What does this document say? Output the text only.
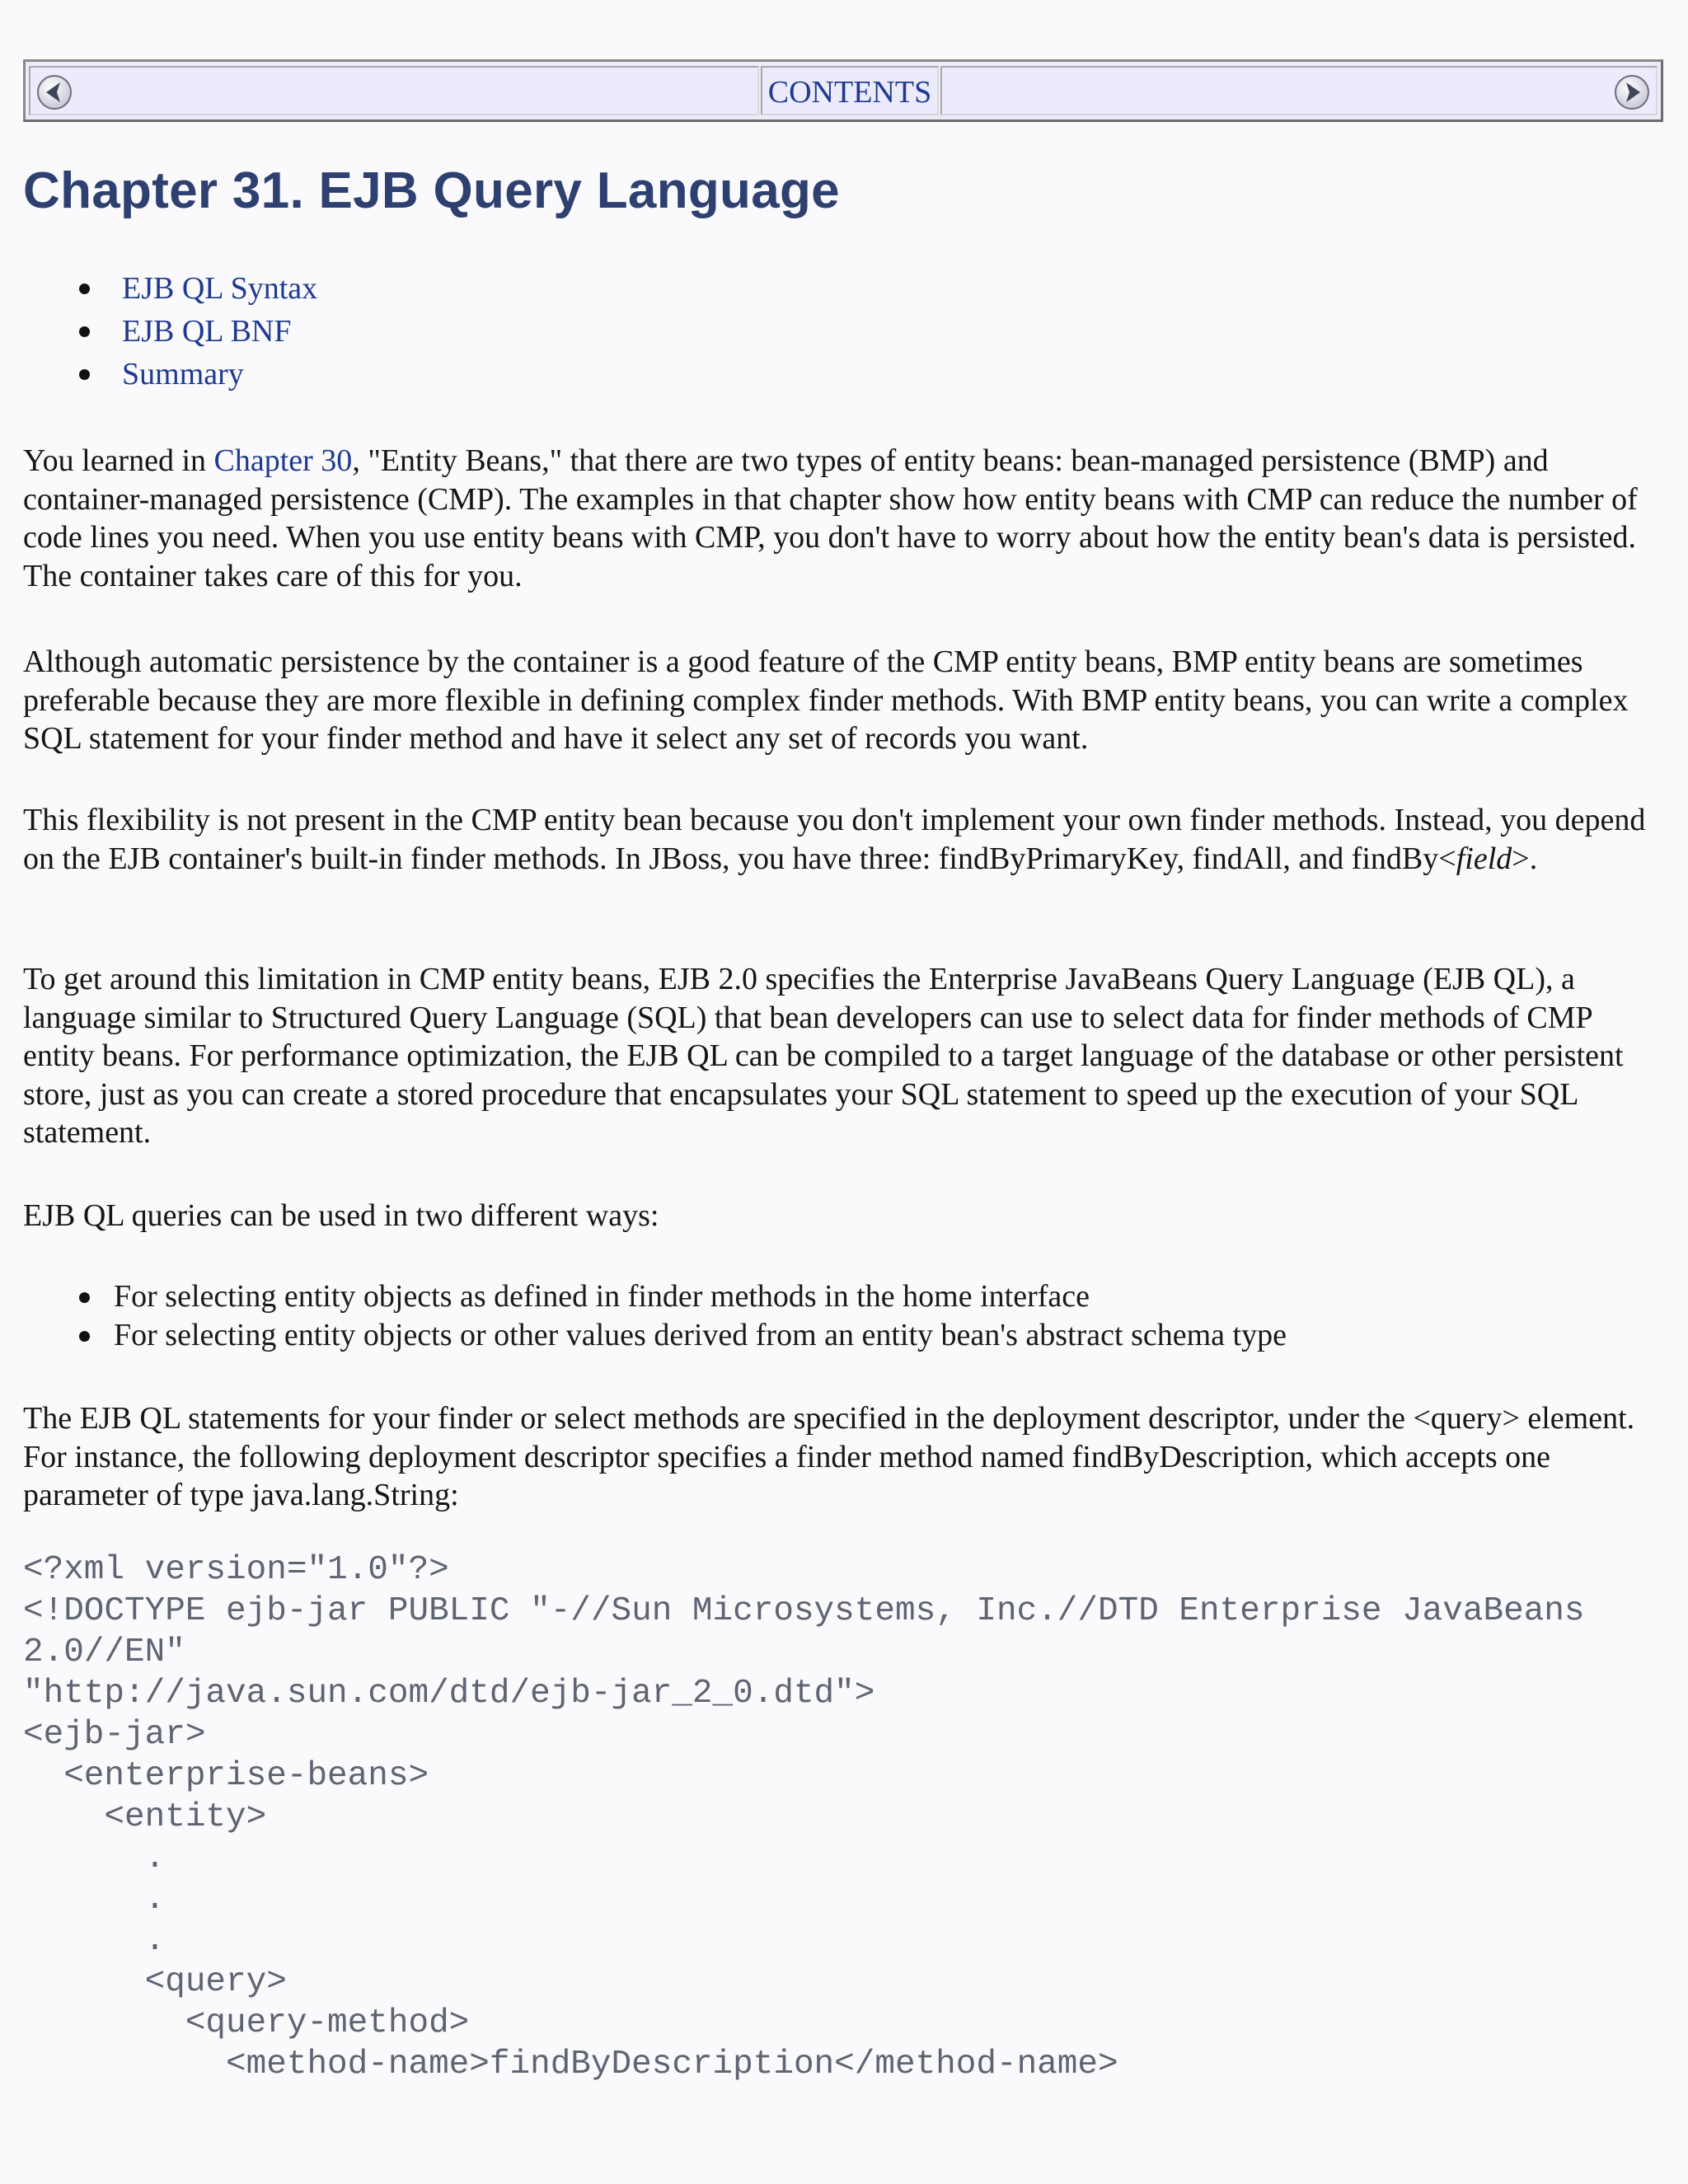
CONTENTS
Chapter 31. EJB Query Language
EJB QL Syntax
EJB QL BNF
Summary

You learned in Chapter 30, "Entity Beans," that there are two types of entity beans: bean-managed persistence (BMP) and container-managed persistence (CMP). The examples in that chapter show how entity beans with CMP can reduce the number of code lines you need. When you use entity beans with CMP, you don't have to worry about how the entity bean's data is persisted. The container takes care of this for you.

Although automatic persistence by the container is a good feature of the CMP entity beans, BMP entity beans are sometimes preferable because they are more flexible in defining complex finder methods. With BMP entity beans, you can write a complex SQL statement for your finder method and have it select any set of records you want.

This flexibility is not present in the CMP entity bean because you don't implement your own finder methods. Instead, you depend on the EJB container's built-in finder methods. In JBoss, you have three: findByPrimaryKey, findAll, and findBy<field>.

To get around this limitation in CMP entity beans, EJB 2.0 specifies the Enterprise JavaBeans Query Language (EJB QL), a language similar to Structured Query Language (SQL) that bean developers can use to select data for finder methods of CMP entity beans. For performance optimization, the EJB QL can be compiled to a target language of the database or other persistent store, just as you can create a stored procedure that encapsulates your SQL statement to speed up the execution of your SQL statement.

EJB QL queries can be used in two different ways:

For selecting entity objects as defined in finder methods in the home interface
For selecting entity objects or other values derived from an entity bean's abstract schema type

The EJB QL statements for your finder or select methods are specified in the deployment descriptor, under the <query> element. For instance, the following deployment descriptor specifies a finder method named findByDescription, which accepts one parameter of type java.lang.String:

<?xml version="1.0"?>
<!DOCTYPE ejb-jar PUBLIC "-//Sun Microsystems, Inc.//DTD Enterprise JavaBeans
2.0//EN"
"http://java.sun.com/dtd/ejb-jar_2_0.dtd">
<ejb-jar>
<enterprise-beans>
<entity>
.
.
.
<query>
<query-method>
<method-name>findByDescription</method-name>
